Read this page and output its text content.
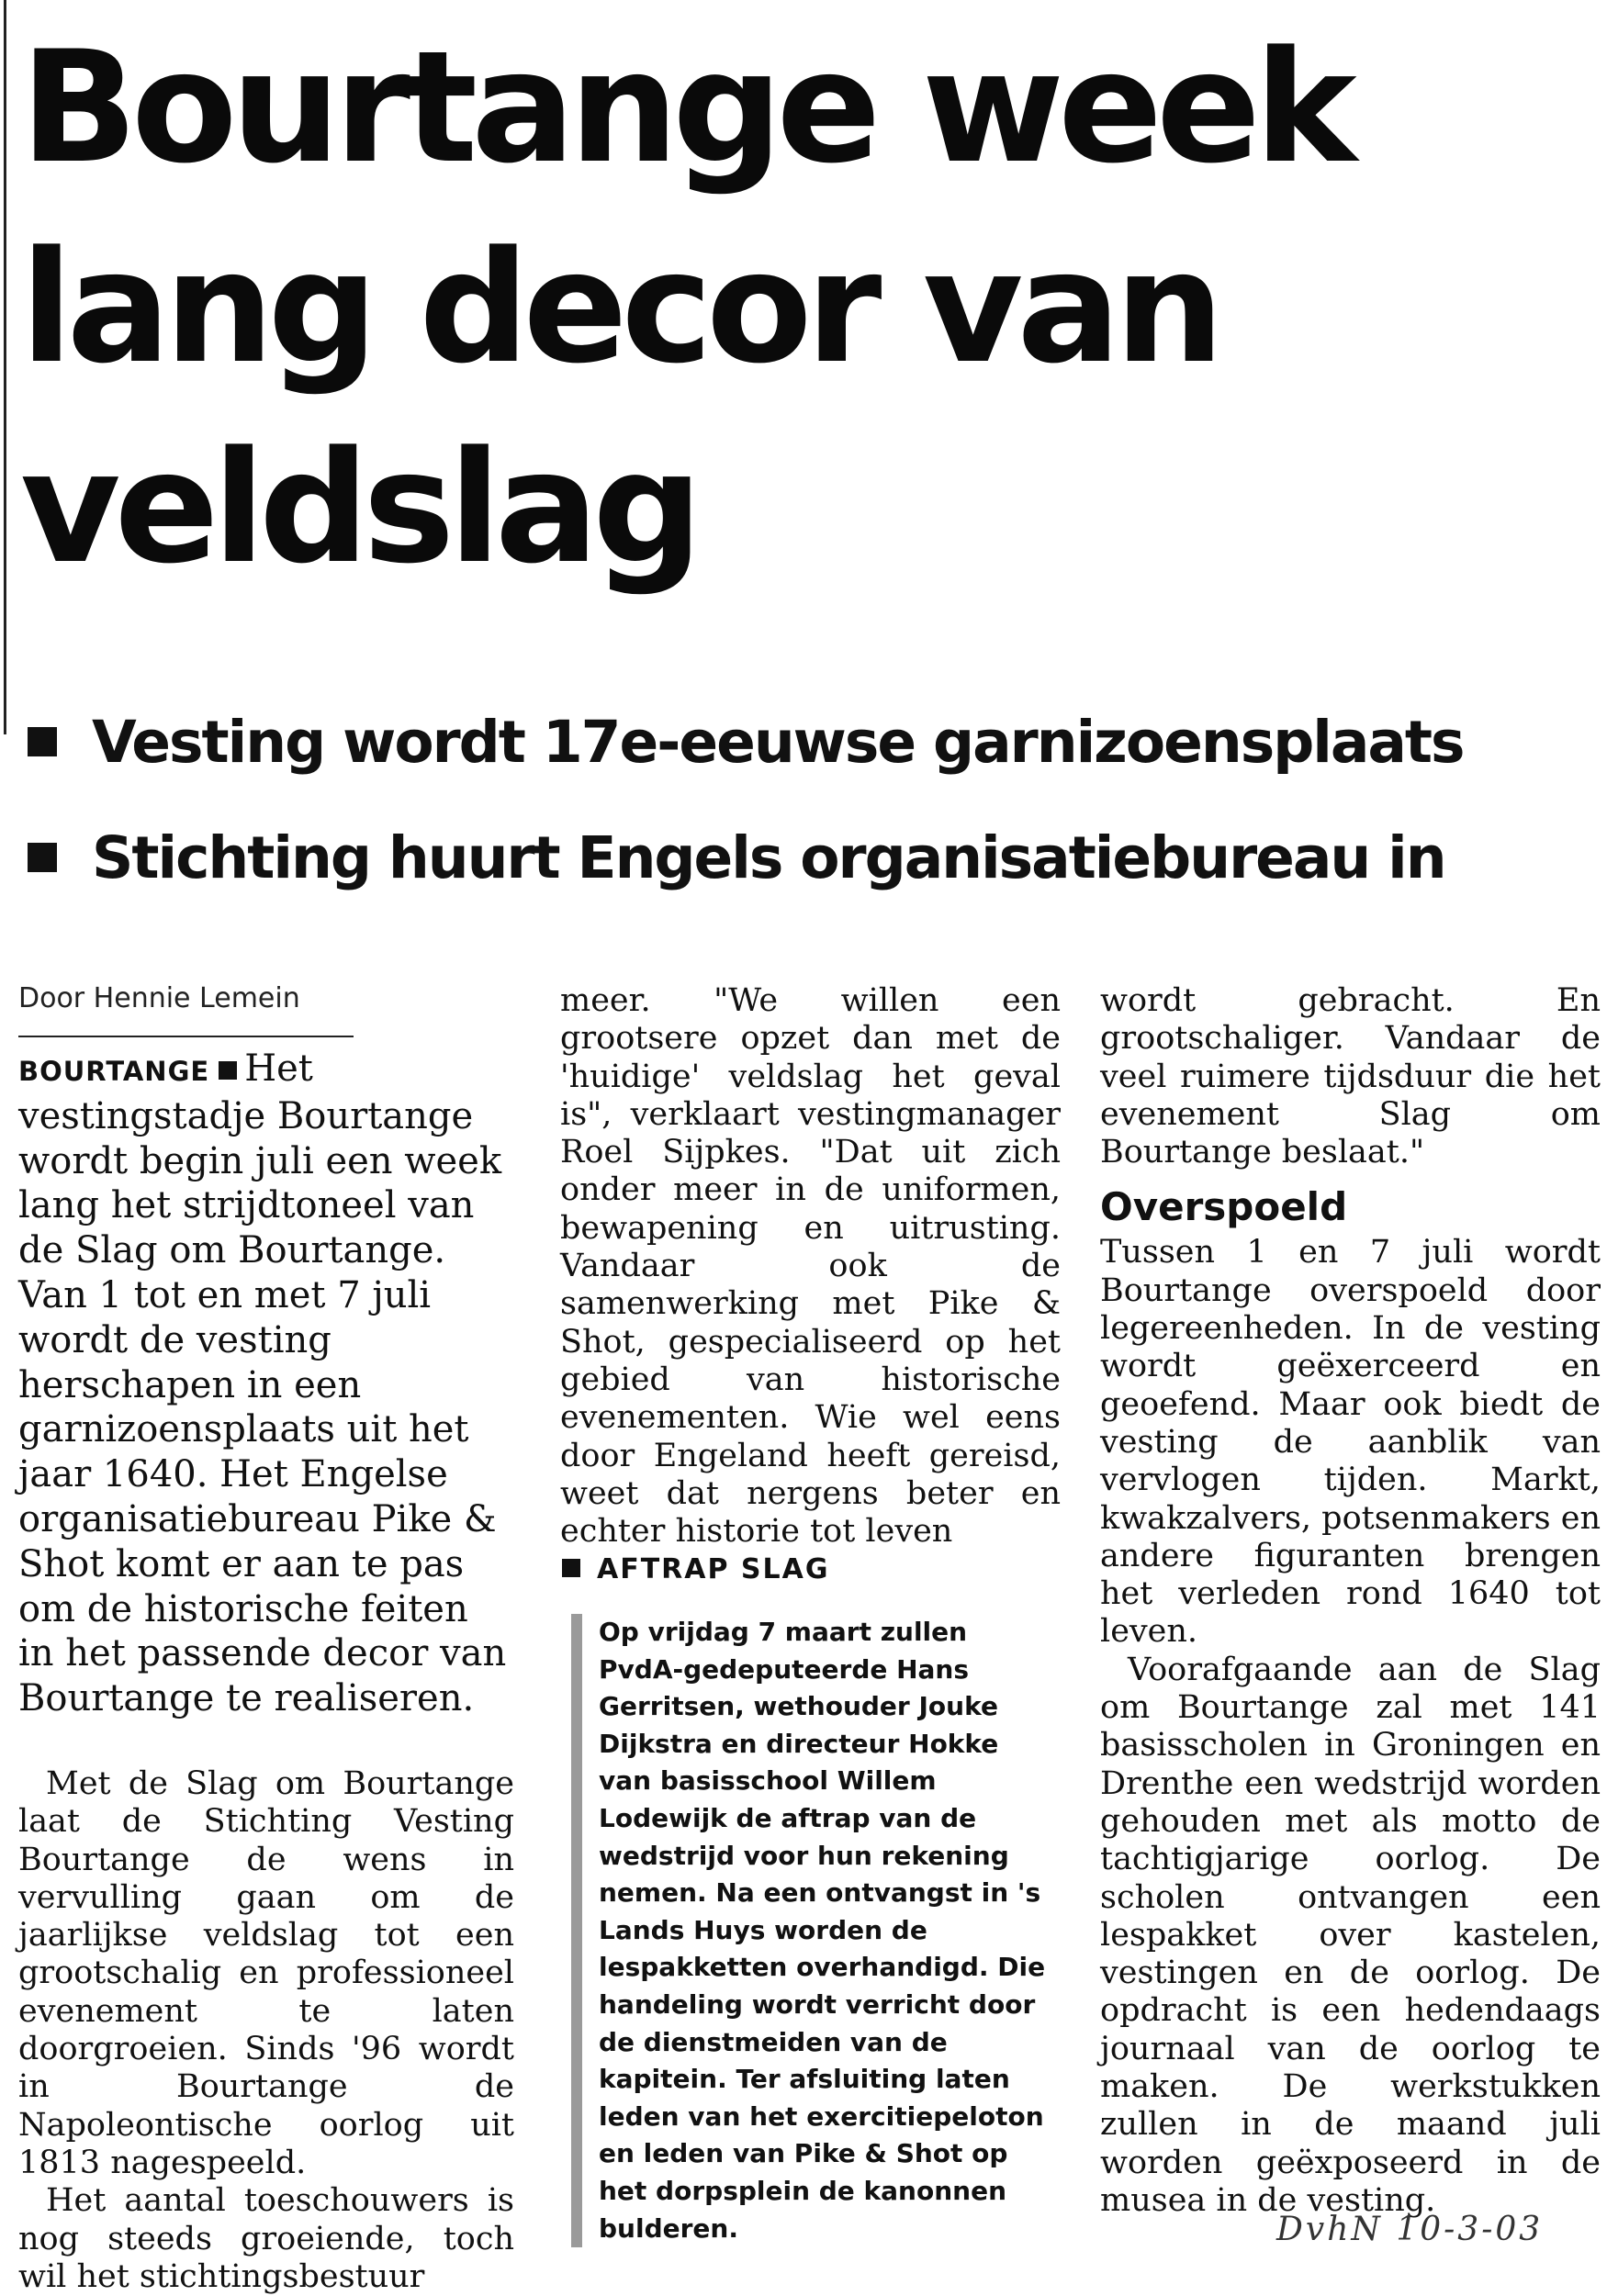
Bourtange week
lang decor van
veldslag
Vesting wordt 17e-eeuwse garnizoensplaats
Stichting huurt Engels organisatiebureau in
Door Hennie Lemein

BOURTANGE Het vestingstadje Bourtange wordt begin juli een week lang het strijdtoneel van de Slag om Bourtange. Van 1 tot en met 7 juli wordt de vesting herschapen in een garnizoensplaats uit het jaar 1640. Het Engelse organisatiebureau Pike & Shot komt er aan te pas om de historische feiten in het passende decor van Bourtange te realiseren.

Met de Slag om Bourtange laat de Stichting Vesting Bourtange de wens in vervulling gaan om de jaarlijkse veldslag tot een grootschalig en professioneel evenement te laten doorgroeien. Sinds '96 wordt in Bourtange de Napoleontische oorlog uit 1813 nagespeeld.

Het aantal toeschouwers is nog steeds groeiende, toch wil het stichtingsbestuur

meer. "We willen een grootsere opzet dan met de 'huidige' veldslag het geval is", verklaart vestingmanager Roel Sijpkes. "Dat uit zich onder meer in de uniformen, bewapening en uitrusting. Vandaar ook de samenwerking met Pike & Shot, gespecialiseerd op het gebied van historische evenementen. Wie wel eens door Engeland heeft gereisd, weet dat nergens beter en echter historie tot leven

AFTRAP SLAG

Op vrijdag 7 maart zullen PvdA-gedeputeerde Hans Gerritsen, wethouder Jouke Dijkstra en directeur Hokke van basisschool Willem Lodewijk de aftrap van de wedstrijd voor hun rekening nemen. Na een ontvangst in 's Lands Huys worden de lespakketten overhandigd. Die handeling wordt verricht door de dienstmeiden van de kapitein. Ter afsluiting laten leden van het exercitiepeloton en leden van Pike & Shot op het dorpsplein de kanonnen bulderen.

wordt gebracht. En grootschaliger. Vandaar de veel ruimere tijdsduur die het evenement Slag om Bourtange beslaat."

Overspoeld

Tussen 1 en 7 juli wordt Bourtange overspoeld door legereenheden. In de vesting wordt geëxerceerd en geoefend. Maar ook biedt de vesting de aanblik van vervlogen tijden. Markt, kwakzalvers, potsenmakers en andere figuranten brengen het verleden rond 1640 tot leven.

Voorafgaande aan de Slag om Bourtange zal met 141 basisscholen in Groningen en Drenthe een wedstrijd worden gehouden met als motto de tachtigjarige oorlog. De scholen ontvangen een lespakket over kastelen, vestingen en de oorlog. De opdracht is een hedendaags journaal van de oorlog te maken. De werkstukken zullen in de maand juli worden geëxposeerd in de musea in de vesting.

DvhN 10-3-03
